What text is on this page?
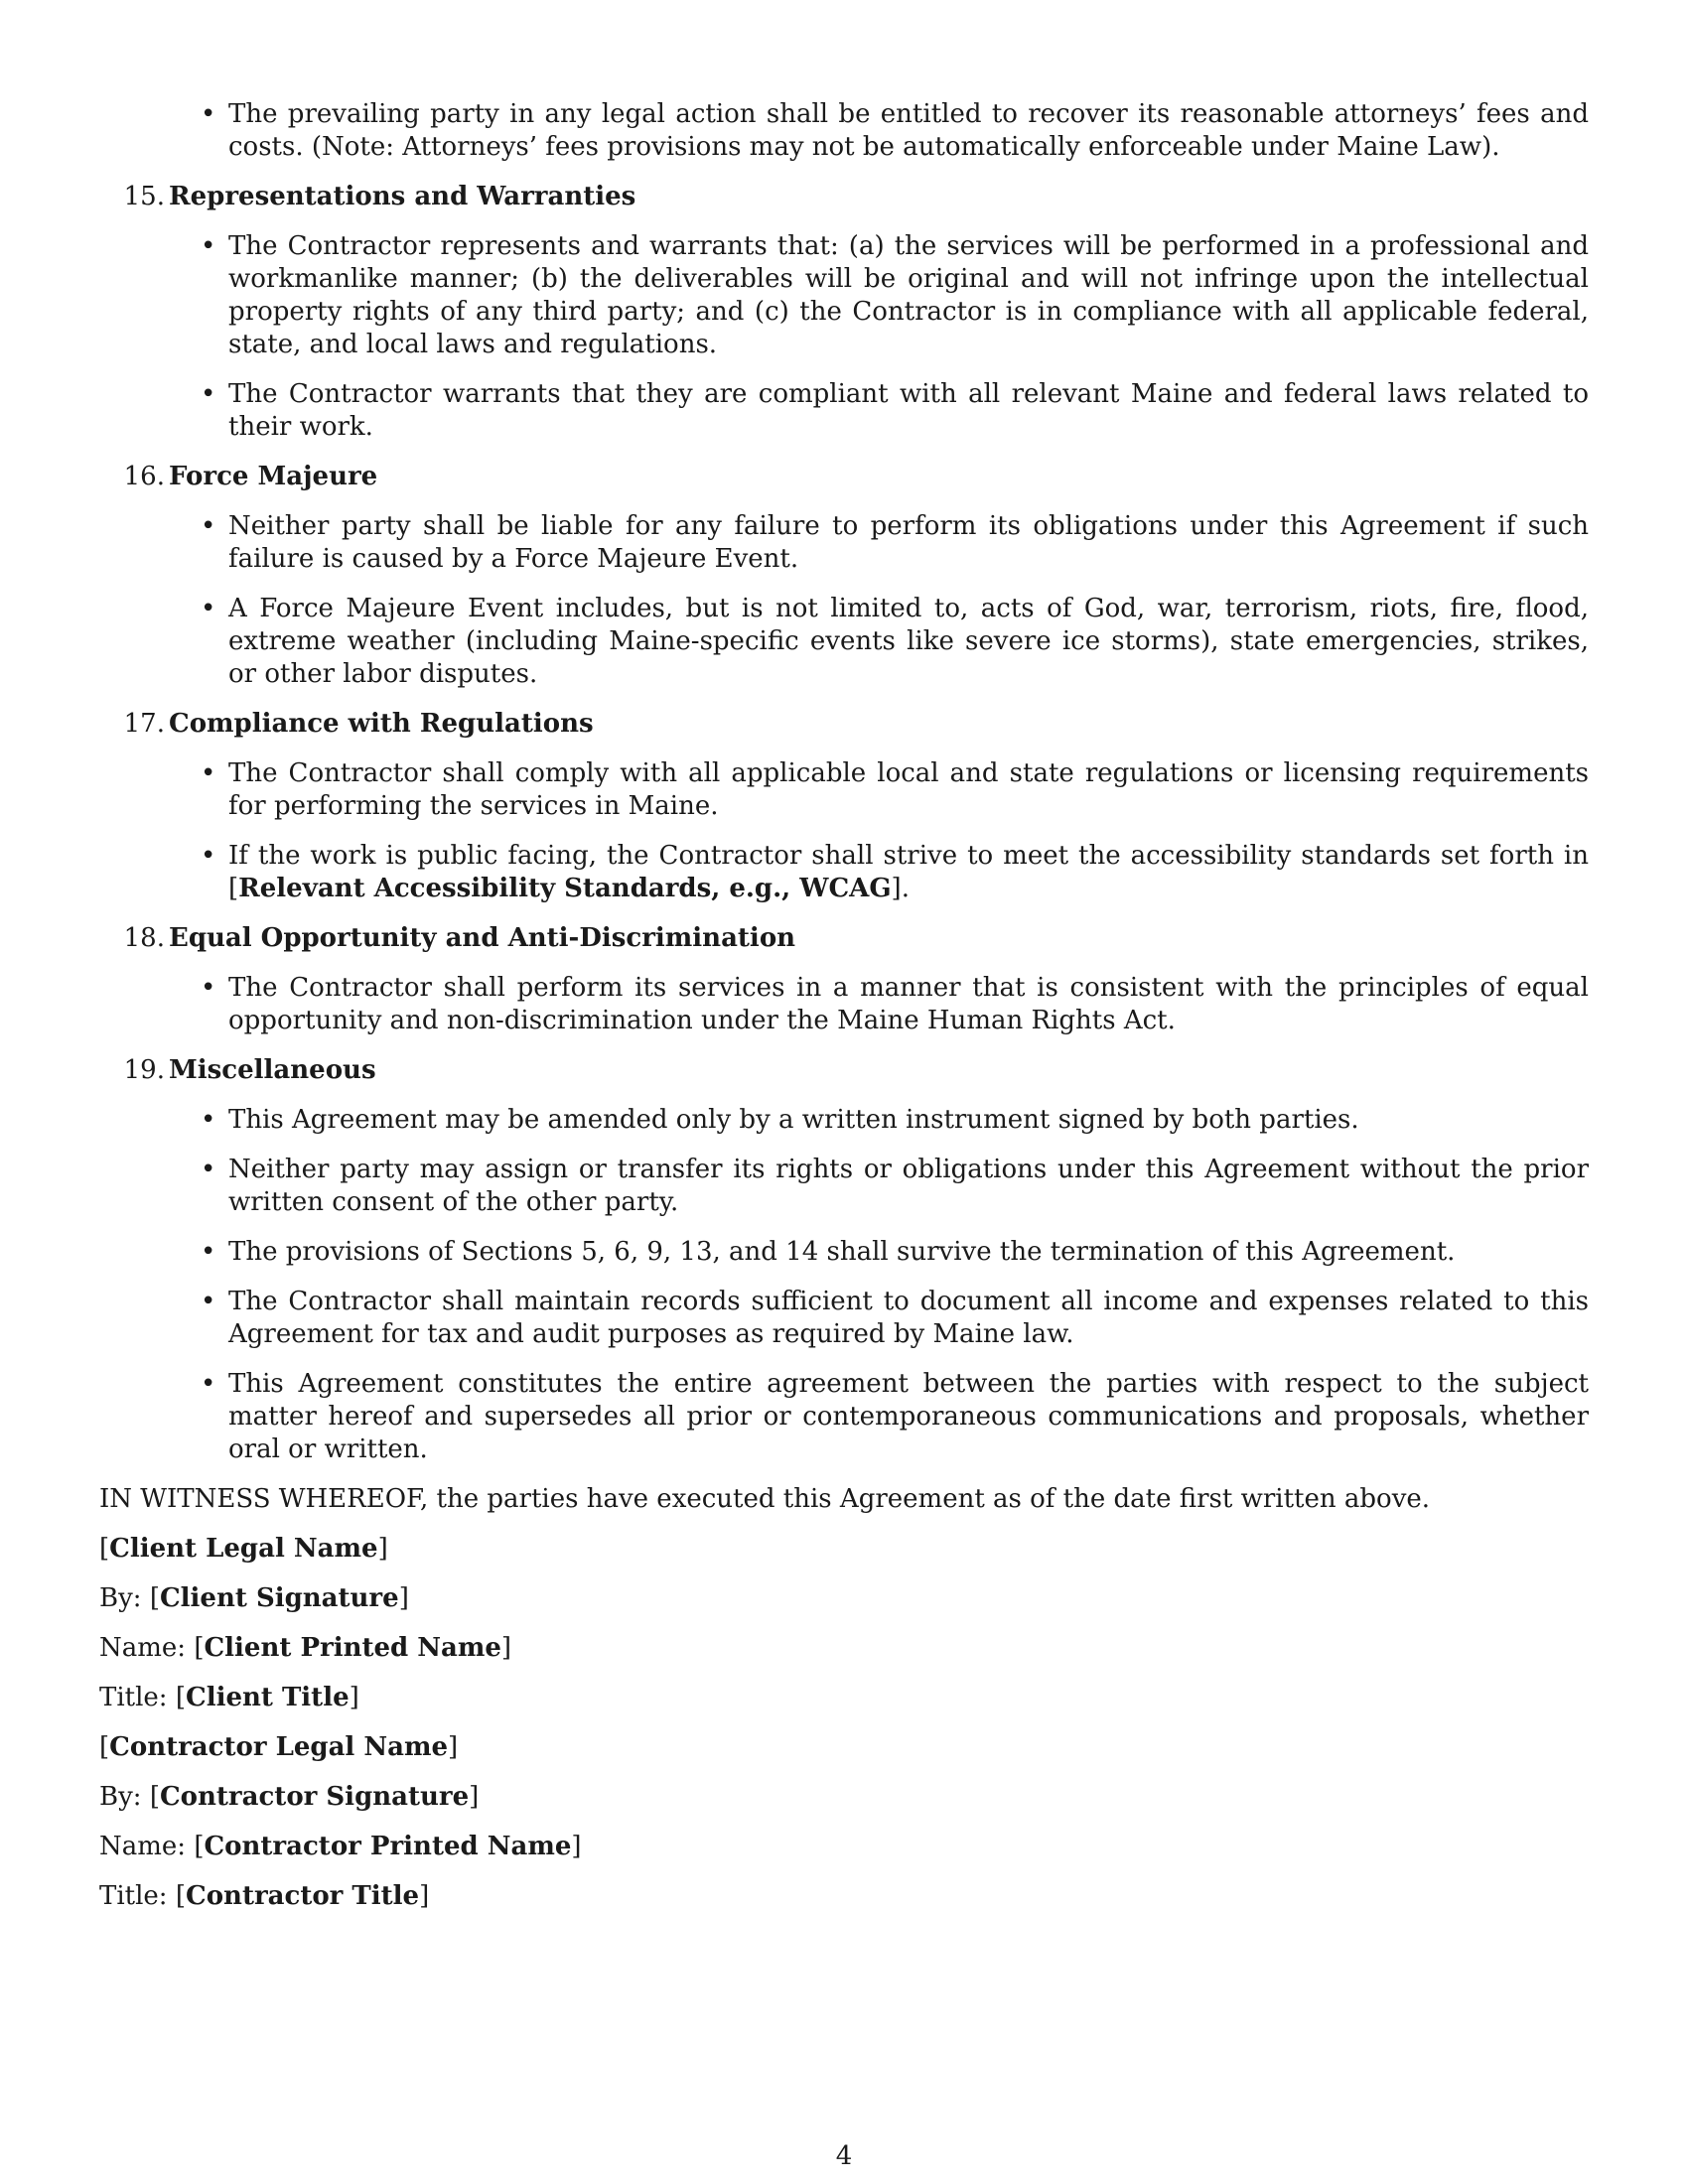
• The prevailing party in any legal action shall be entitled to recover its reasonable attorneys’ fees and costs. (Note: Attorneys’ fees provisions may not be automatically enforceable under Maine Law).
15. Representations and Warranties
• The Contractor represents and warrants that: (a) the services will be performed in a professional and workmanlike manner; (b) the deliverables will be original and will not infringe upon the intellectual property rights of any third party; and (c) the Contractor is in compliance with all applicable federal, state, and local laws and regulations.
• The Contractor warrants that they are compliant with all relevant Maine and federal laws related to their work.
16. Force Majeure
• Neither party shall be liable for any failure to perform its obligations under this Agreement if such failure is caused by a Force Majeure Event.
• A Force Majeure Event includes, but is not limited to, acts of God, war, terrorism, riots, fire, flood, extreme weather (including Maine-specific events like severe ice storms), state emergencies, strikes, or other labor disputes.
17. Compliance with Regulations
• The Contractor shall comply with all applicable local and state regulations or licensing requirements for performing the services in Maine.
• If the work is public facing, the Contractor shall strive to meet the accessibility standards set forth in [Relevant Accessibility Standards, e.g., WCAG].
18. Equal Opportunity and Anti-Discrimination
• The Contractor shall perform its services in a manner that is consistent with the principles of equal opportunity and non-discrimination under the Maine Human Rights Act.
19. Miscellaneous
• This Agreement may be amended only by a written instrument signed by both parties.
• Neither party may assign or transfer its rights or obligations under this Agreement without the prior written consent of the other party.
• The provisions of Sections 5, 6, 9, 13, and 14 shall survive the termination of this Agreement.
• The Contractor shall maintain records sufficient to document all income and expenses related to this Agreement for tax and audit purposes as required by Maine law.
• This Agreement constitutes the entire agreement between the parties with respect to the subject matter hereof and supersedes all prior or contemporaneous communications and proposals, whether oral or written.

IN WITNESS WHEREOF, the parties have executed this Agreement as of the date first written above.

[Client Legal Name]

By: [Client Signature]

Name: [Client Printed Name]

Title: [Client Title]

[Contractor Legal Name]

By: [Contractor Signature]

Name: [Contractor Printed Name]

Title: [Contractor Title]

4
